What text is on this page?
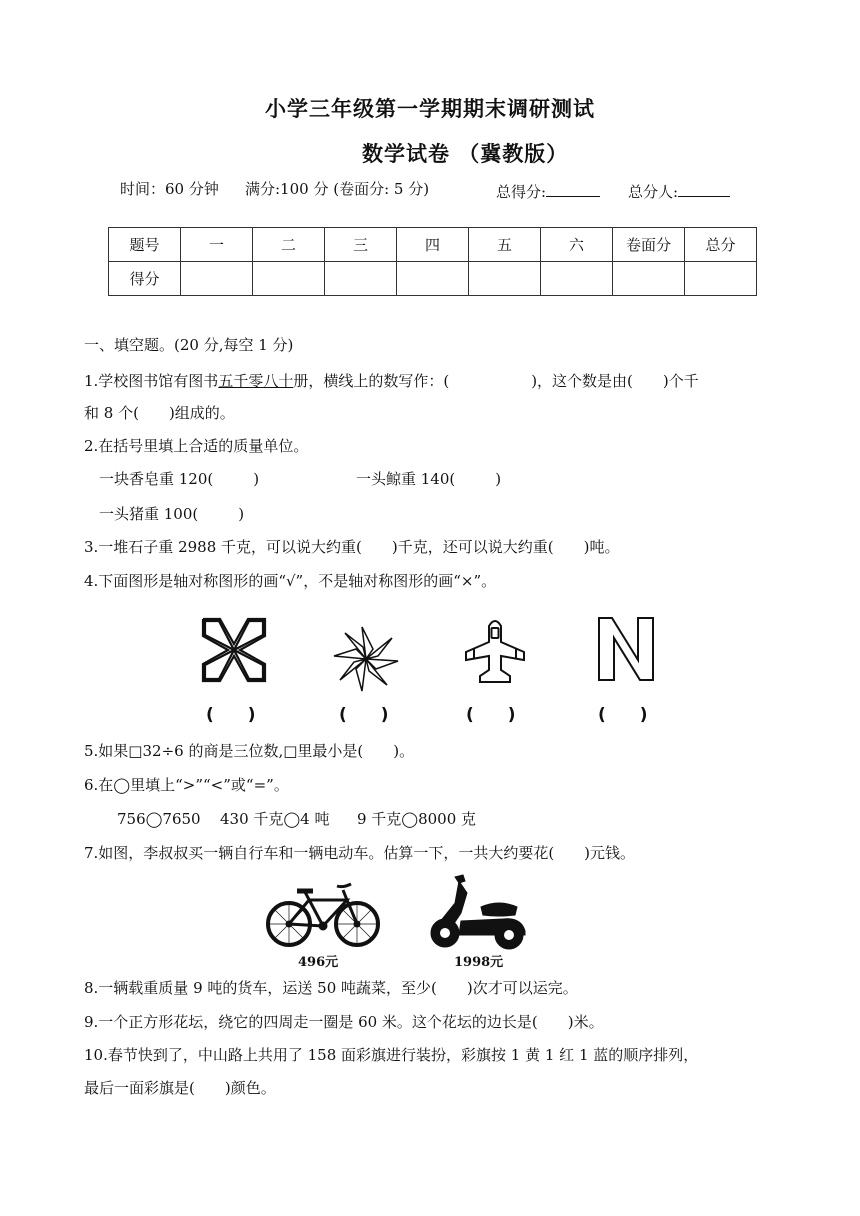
小学三年级第一学期期末调研测试
数学试卷 （冀教版）
时间：60 分钟 满分:100 分 (卷面分: 5 分)	总得分:	总分人:
题号	一	二	三	四	五	六	卷面分	总分
得分								
一、填空题。(20 分,每空 1 分)
1.学校图书馆有图书五千零八十册，横线上的数写作：(	)，这个数是由( )个千
和 8 个( )组成的。
2.在括号里填上合适的质量单位。
一块香皂重 120(	)	一头鲸重 140(	)
一头猪重 100(	)
3.一堆石子重 2988 千克，可以说大约重( )千克，还可以说大约重( )吨。
4.下面图形是轴对称图形的画“√”，不是轴对称图形的画“×”。
(　　)	(　　)	(　　)	(　　)
5.如果□32÷6 的商是三位数,□里最小是( )。
6.在◯里填上“>”“<”或“=”。
756◯7650 430 千克◯4 吨 9 千克◯8000 克
7.如图，李叔叔买一辆自行车和一辆电动车。估算一下，一共大约要花( )元钱。
496元	1998元
8.一辆载重质量 9 吨的货车，运送 50 吨蔬菜，至少( )次才可以运完。
9.一个正方形花坛，绕它的四周走一圈是 60 米。这个花坛的边长是( )米。
10.春节快到了，中山路上共用了 158 面彩旗进行装扮，彩旗按 1 黄 1 红 1 蓝的顺序排列，
最后一面彩旗是( )颜色。
